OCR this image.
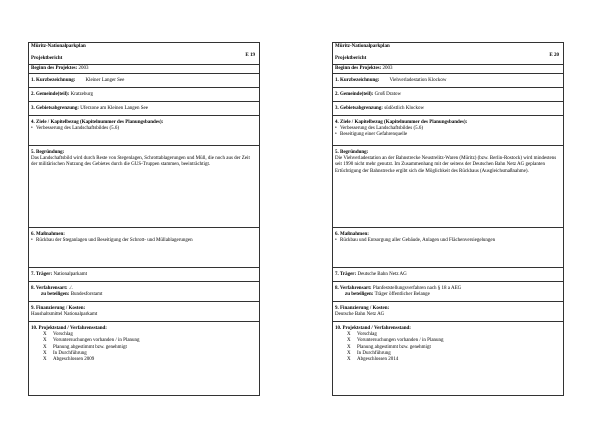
Müritz-Nationalparkplan
E 19
Projektbericht
Beginn des Projektes: 2003
1. Kurzbezeichnung: Kleiner Langer See
2. Gemeinde(teil): Kratzeburg
3. Gebietsabgrenzung: Uferzone am Kleinen Langen See
4. Ziele / Kapitelbezug (Kapitelnummer des Planungsbandes):
• Verbesserung des Landschaftsbildes (5.6)
5. Begründung:
Das Landschaftsbild wird durch Reste von Stegenlagen, Schrottablagerungen und Müll, die noch aus der Zeit der militärischen Nutzung des Gebietes durch die GUS-Truppen stammen, beeinträchtigt.
6. Maßnahmen:
• Rückbau der Steganlagen und Beseitigung der Schrott- und Müllablagerungen
7. Träger: Nationalparkamt
8. Verfahrensart: ./.
zu beteiligen: Bundesforstamt
9. Finanzierung / Kosten:
Haushaltsmittel Nationalparkamt
10. Projektstand / Verfahrensstand:
X Vorschlag
X Voruntersuchungen vorhanden / in Planung
X Planung abgestimmt bzw. genehmigt
X In Durchführung
X Abgeschlossen 2009
Müritz-Nationalparkplan
E 20
Projektbericht
Beginn des Projektes: 2003
1. Kurzbezeichnung: Viehverladestation Klockow
2. Gemeinde(teil): Groß Dratow
3. Gebietsabgrenzung: südöstlich Klockow
4. Ziele / Kapitelbezug (Kapitelnummer des Planungsbandes):
• Verbesserung des Landschaftsbildes (5.6)
• Beseitigung einer Gefahrenquelle
5. Begründung:
Die Viehverladestation an der Bahnstrecke Neustrelitz-Waren (Müritz) (bzw. Berlin-Rostock) wird mindestens seit 1990 nicht mehr genutzt. Im Zusammenhang mit der seitens der Deutschen Bahn Netz AG geplanten Ertüchtigung der Bahnstrecke ergibt sich die Möglichkeit des Rückbaus (Ausgleichsmaßnahme).
6. Maßnahmen:
• Rückbau und Entsorgung aller Gebäude, Anlagen und Flächenversiegelungen
7. Träger: Deutsche Bahn Netz AG
8. Verfahrensart: Planfeststellungsverfahren nach § 18 a AEG
zu beteiligen: Träger öffentlicher Belange
9. Finanzierung / Kosten:
Deutsche Bahn Netz AG
10. Projektstand / Verfahrensstand:
X Vorschlag
X Voruntersuchungen vorhanden / in Planung
X Planung abgestimmt bzw. genehmigt
X In Durchführung
X Abgeschlossen 2014
